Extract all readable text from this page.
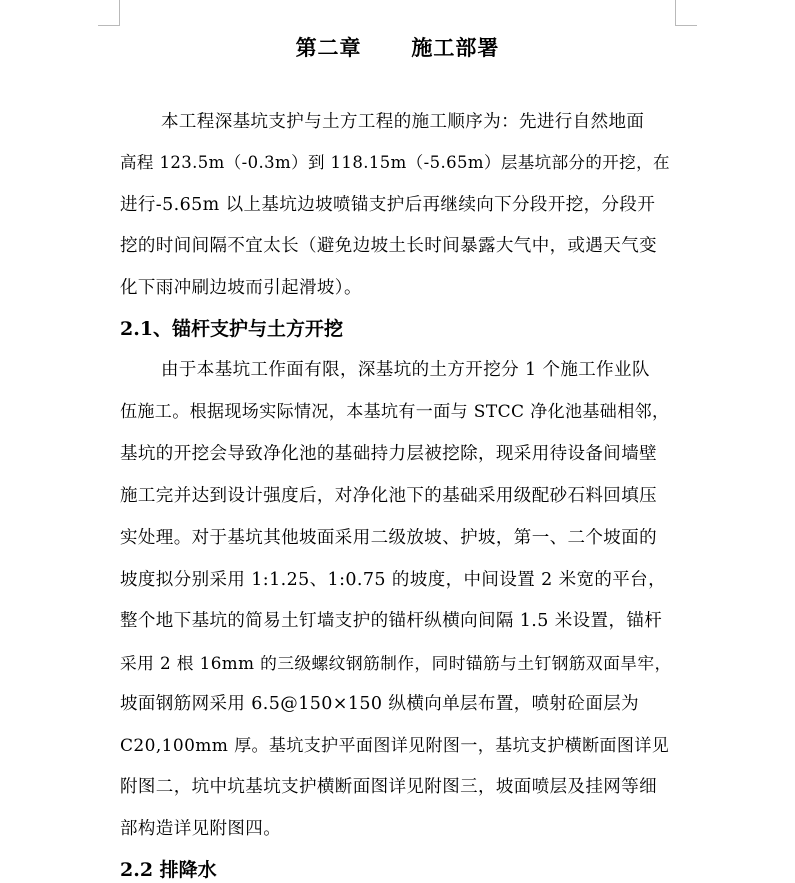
第二章      施工部署
本工程深基坑支护与土方工程的施工顺序为：先进行自然地面
高程 123.5m（-0.3m）到 118.15m（-5.65m）层基坑部分的开挖，在
进行-5.65m 以上基坑边坡喷锚支护后再继续向下分段开挖，分段开
挖的时间间隔不宜太长（避免边坡土长时间暴露大气中，或遇天气变
化下雨冲刷边坡而引起滑坡）。
2.1、锚杆支护与土方开挖
由于本基坑工作面有限，深基坑的土方开挖分 1 个施工作业队
伍施工。根据现场实际情况，本基坑有一面与 STCC 净化池基础相邻，
基坑的开挖会导致净化池的基础持力层被挖除，现采用待设备间墙壁
施工完并达到设计强度后，对净化池下的基础采用级配砂石料回填压
实处理。对于基坑其他坡面采用二级放坡、护坡，第一、二个坡面的
坡度拟分别采用 1:1.25、1:0.75 的坡度，中间设置 2 米宽的平台，
整个地下基坑的简易土钉墙支护的锚杆纵横向间隔 1.5 米设置，锚杆
采用 2 根 16mm 的三级螺纹钢筋制作，同时锚筋与土钉钢筋双面旱牢，
坡面钢筋网采用 6.5@150×150 纵横向单层布置，喷射砼面层为
C20,100mm 厚。基坑支护平面图详见附图一，基坑支护横断面图详见
附图二，坑中坑基坑支护横断面图详见附图三，坡面喷层及挂网等细
部构造详见附图四。
2.2 排降水
